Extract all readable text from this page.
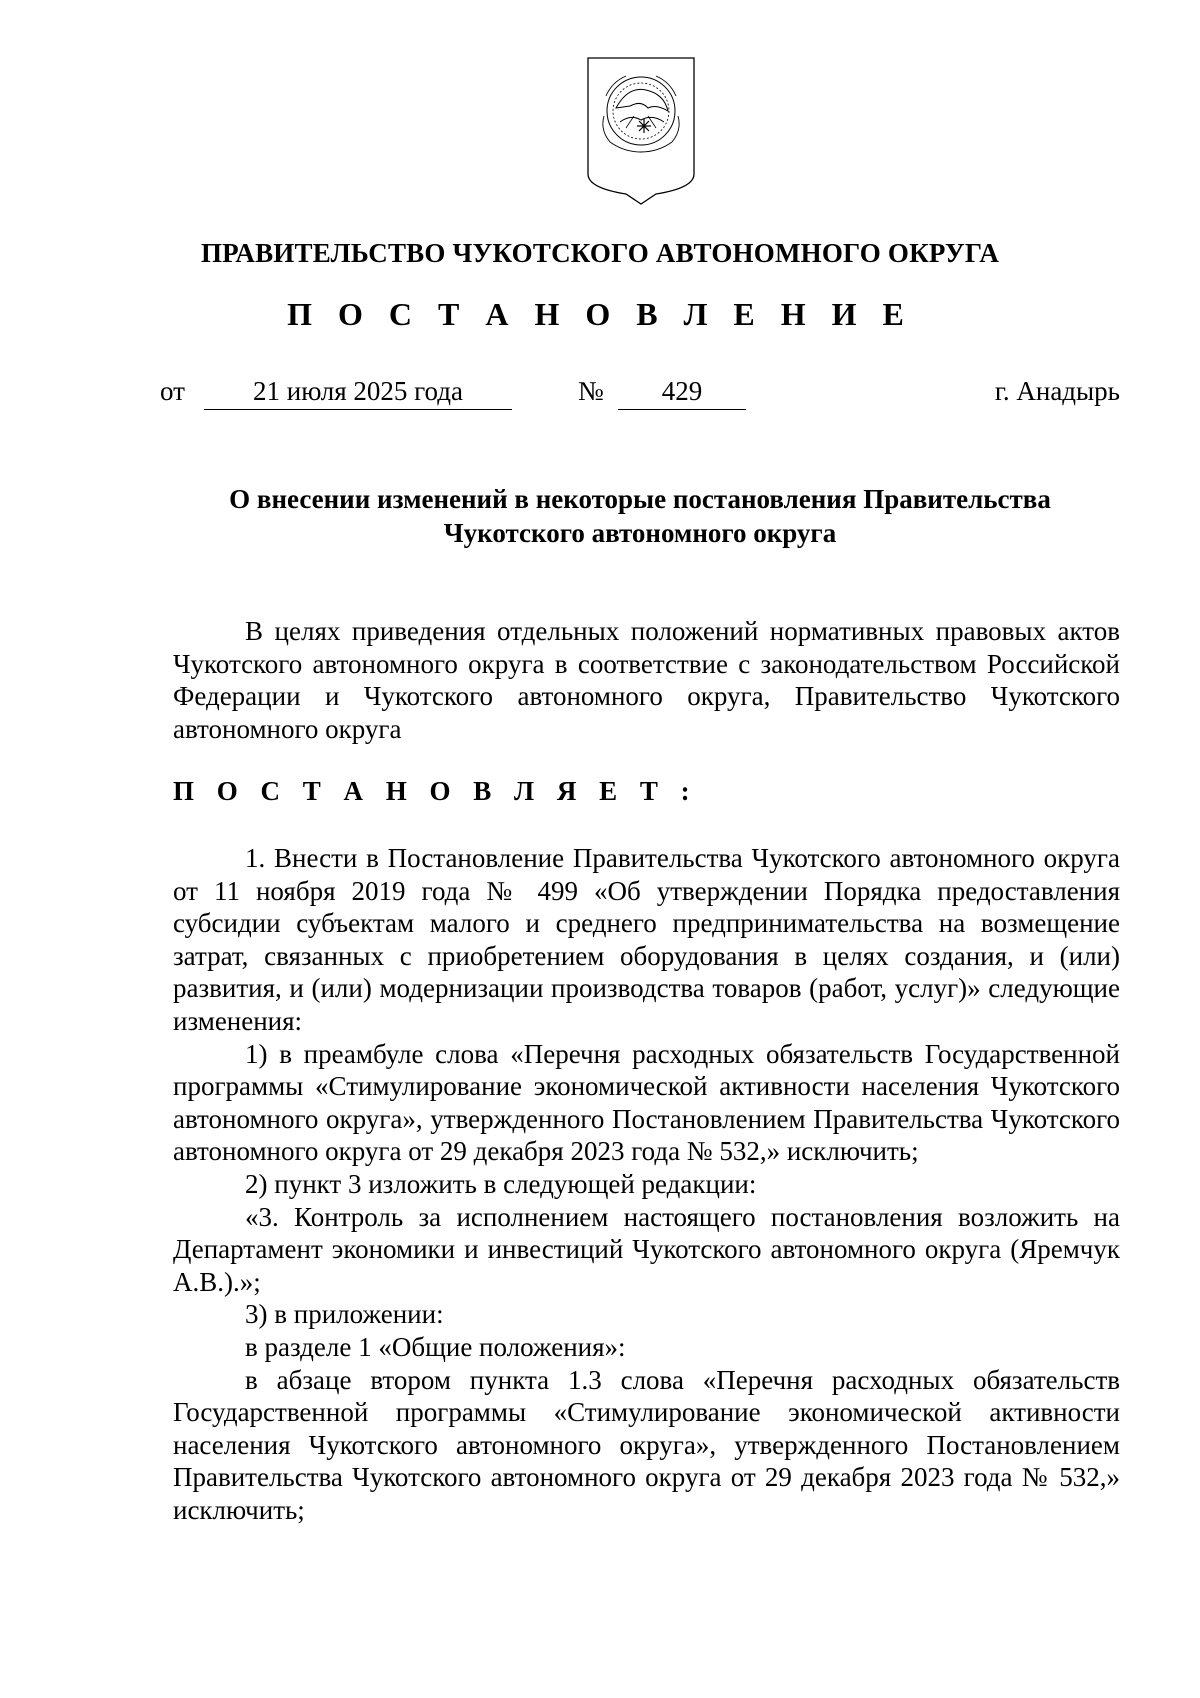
ПРАВИТЕЛЬСТВО ЧУКОТСКОГО АВТОНОМНОГО ОКРУГА
П О С Т А Н О В Л Е Н И Е
от	21 июля 2025 года	№	429	г. Анадырь
О внесении изменений в некоторые постановления Правительства
Чукотского автономного округа

В целях приведения отдельных положений нормативных правовых актов Чукотского автономного округа в соответствие с законодательством Российской Федерации и Чукотского автономного округа, Правительство Чукотского автономного округа

П О С Т А Н О В Л Я Е Т :

1. Внести в Постановление Правительства Чукотского автономного округа от 11 ноября 2019 года № 499 «Об утверждении Порядка предоставления субсидии субъектам малого и среднего предпринимательства на возмещение затрат, связанных с приобретением оборудования в целях создания, и (или) развития, и (или) модернизации производства товаров (работ, услуг)» следующие изменения:

1) в преамбуле слова «Перечня расходных обязательств Государственной программы «Стимулирование экономической активности населения Чукотского автономного округа», утвержденного Постановлением Правительства Чукотского автономного округа от 29 декабря 2023 года № 532,» исключить;

2) пункт 3 изложить в следующей редакции:

«3. Контроль за исполнением настоящего постановления возложить на Департамент экономики и инвестиций Чукотского автономного округа (Яремчук А.В.).»;

3) в приложении:

в разделе 1 «Общие положения»:

в абзаце втором пункта 1.3 слова «Перечня расходных обязательств Государственной программы «Стимулирование экономической активности населения Чукотского автономного округа», утвержденного Постановлением Правительства Чукотского автономного округа от 29 декабря 2023 года № 532,» исключить;
